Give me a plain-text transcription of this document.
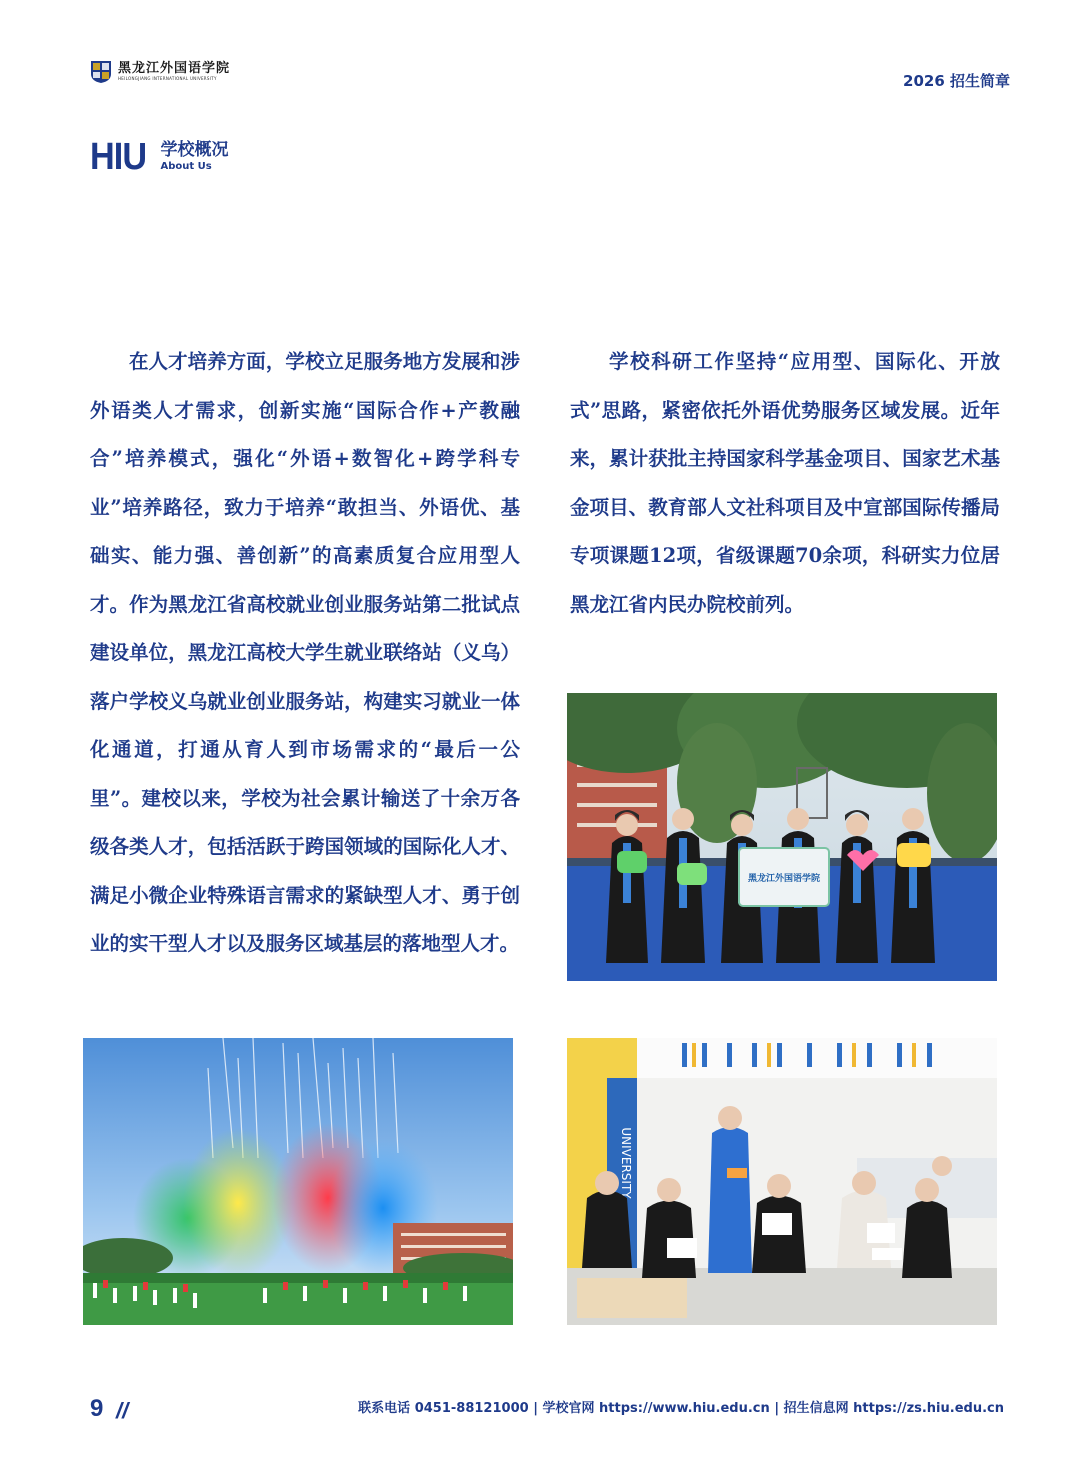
黑龙江外国语学院
HEILONGJIANG INTERNATIONAL UNIVERSITY	2026 招生简章
HIU 学校概况
About Us

在人才培养方面，学校立足服务地方发展和涉外语类人才需求，创新实施“国际合作+产教融合”培养模式，强化“外语+数智化+跨学科专业”培养路径，致力于培养“敢担当、外语优、基础实、能力强、善创新”的高素质复合应用型人才。作为黑龙江省高校就业创业服务站第二批试点建设单位，黑龙江高校大学生就业联络站（义乌）落户学校义乌就业创业服务站，构建实习就业一体化通道，打通从育人到市场需求的“最后一公里”。建校以来，学校为社会累计输送了十余万各级各类人才，包括活跃于跨国领域的国际化人才、满足小微企业特殊语言需求的紧缺型人才、勇于创业的实干型人才以及服务区域基层的落地型人才。

学校科研工作坚持“应用型、国际化、开放式”思路，紧密依托外语优势服务区域发展。近年来，累计获批主持国家科学基金项目、国家艺术基金项目、教育部人文社科项目及中宣部国际传播局专项课题12项，省级课题70余项，科研实力位居黑龙江省内民办院校前列。

黑龙江外国语学院
UNIVERSITY
9 //	联系电话 0451-88121000 | 学校官网 https://www.hiu.edu.cn | 招生信息网 https://zs.hiu.edu.cn
